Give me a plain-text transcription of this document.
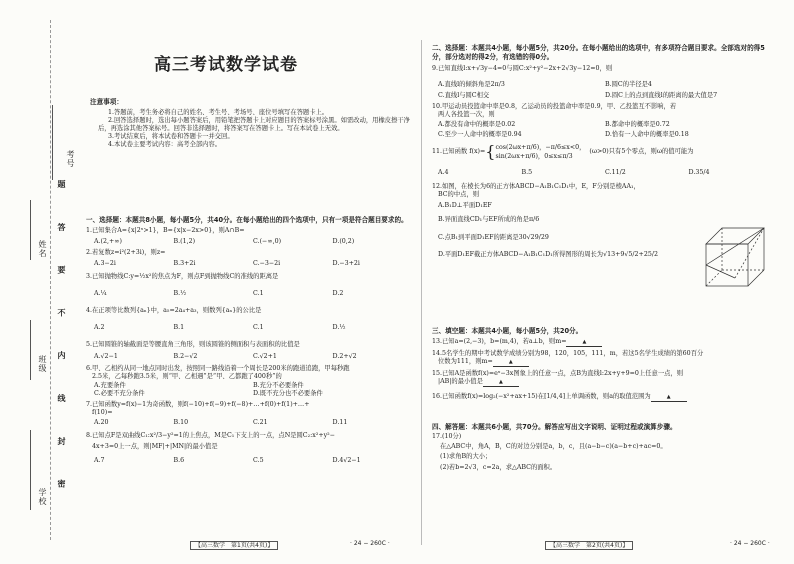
考号
姓名 题 答 要 不 内 线 封 密
班级
学校
高三考试数学试卷
注意事项：

1.答题前，考生务必将自己的姓名、考生号、考场号、座位号填写在答题卡上。

2.回答选择题时，选出每小题答案后，用铅笔把答题卡上对应题目的答案标号涂黑。如需改动，用橡皮擦干净后，再选涂其他答案标号。回答非选择题时，将答案写在答题卡上。写在本试卷上无效。

3.考试结束后，将本试卷和答题卡一并交回。

4.本试卷主要考试内容：高考全部内容。

一、选择题：本题共8小题，每小题5分，共40分。在每小题给出的四个选项中，只有一项是符合题目要求的。
1.已知集合A={x|2ˣ>1}，B={x|x−2x>0}，则A∩B=
A.(2,+∞)	B.(1,2)	C.(−∞,0)	D.(0,2)
2.若复数z=i²(2+3i)，则z=
A.3−2i	B.3+2i	C.−3−2i	D.−3+2i
3.已知抛物线C:y=½x²的焦点为F，则点F到抛物线C的准线的距离是
A.¼	B.½	C.1	D.2
4.在正项等比数列{aₙ}中，a₅=2a₄+a₃，则数列{aₙ}的公比是
A.2	B.1	C.1	D.½
5.已知圆锥的轴截面是等腰直角三角形，则该圆锥的侧面积与表面积的比值是
A.√2−1	B.2−√2	C.√2+1	D.2+√2
6.甲、乙相约从同一地点同时出发，按照同一路线沿着一个周长是200米的跑道追跑，甲每秒跑
2.5米，乙每秒跑3.5米，则“甲、乙相遇”是“甲、乙都跑了400秒”的
A.充要条件	B.充分不必要条件
C.必要不充分条件	D.既不充分也不必要条件
7.已知函数y=f(x)−1为奇函数，则f(−10)+f(−9)+f(−8)+…+f(0)+f(1)+…+
f(10)=
A.20	B.10	C.21	D.11
8.已知点F是双曲线C₁:x²/3−y²=1的上焦点，M是C₁下支上的一点，点N是圆C₂:x²+y²−
4x+3=0上一点，则|MF|+|MN|的最小值是
A.7	B.6	C.5	D.4√2−1
【高三数学　第1页(共4页)】	· 24 − 260C ·
二、选择题：本题共4小题，每小题5分，共20分。在每小题给出的选项中，有多项符合题目要求。全部选对的得5分，部分选对的得2分，有选错的得0分。
9.已知直线l:x+√3y−4=0与圆C:x²+y²−2x+2√3y−12=0，则
A.直线l的倾斜角是2π/3	B.圆C的半径是4
C.直线l与圆C相交	D.圆C上的点到直线l的距离的最大值是7
10.甲运动员投篮命中率是0.8，乙运动员的投篮命中率是0.9，甲、乙投篮互不影响，若
两人各投篮一次，则
A.都没有命中的概率是0.02	B.都命中的概率是0.72
C.至少一人命中的概率是0.94	D.恰有一人命中的概率是0.18
11.已知函数 f(x)= { cos(2ωx+π/6)，−π/6≤x<0，
sin(2ωx+π/6)，0≤x≤π/3
(ω>0)只有5个零点，则ω的值可能为
A.4	B.5	C.11/2	D.35/4
12.如图，在棱长为6的正方体ABCD−A₁B₁C₁D₁中，E，F分别是棱AA₁，
BC的中点，则
A.B₁D⊥平面D₁EF
B.异面直线CD₁与EF所成的角是π/6
C.点B₁到平面D₁EF的距离是30√29/29
D.平面D₁EF截正方体ABCD−A₁B₁C₁D₁所得图形的周长为√13+9√5/2+25/2
三、填空题：本题共4小题，每小题5分，共20分。
13.已知a=(2,−3)，b=(m,4)，若a⊥b，则m=	▲
14.5名学生的期中考试数学成绩分别为98，120，105，111，m，若这5名学生成绩的第60百分
位数为111，则m=	▲
15.已知A是函数f(x)=eˣ−3x图象上的任意一点，点B为直线l:2x+y+9=0上任意一点，则
|AB|的最小值是	▲
16.已知函数f(x)=log₂(−x²+ax+15)在[1/4,4]上单调函数，则a的取值范围为	▲
四、解答题：本题共6小题，共70分。解答应写出文字说明、证明过程或演算步骤。
17.(10分)
在△ABC中，角A，B，C的对边分别是a，b，c，且(a−b−c)(a−b+c)+ac=0。
(1)求角B的大小；
(2)若b=2√3，c=2a，求△ABC的面积。
【高三数学　第2页(共4页)】	· 24 − 260C ·
